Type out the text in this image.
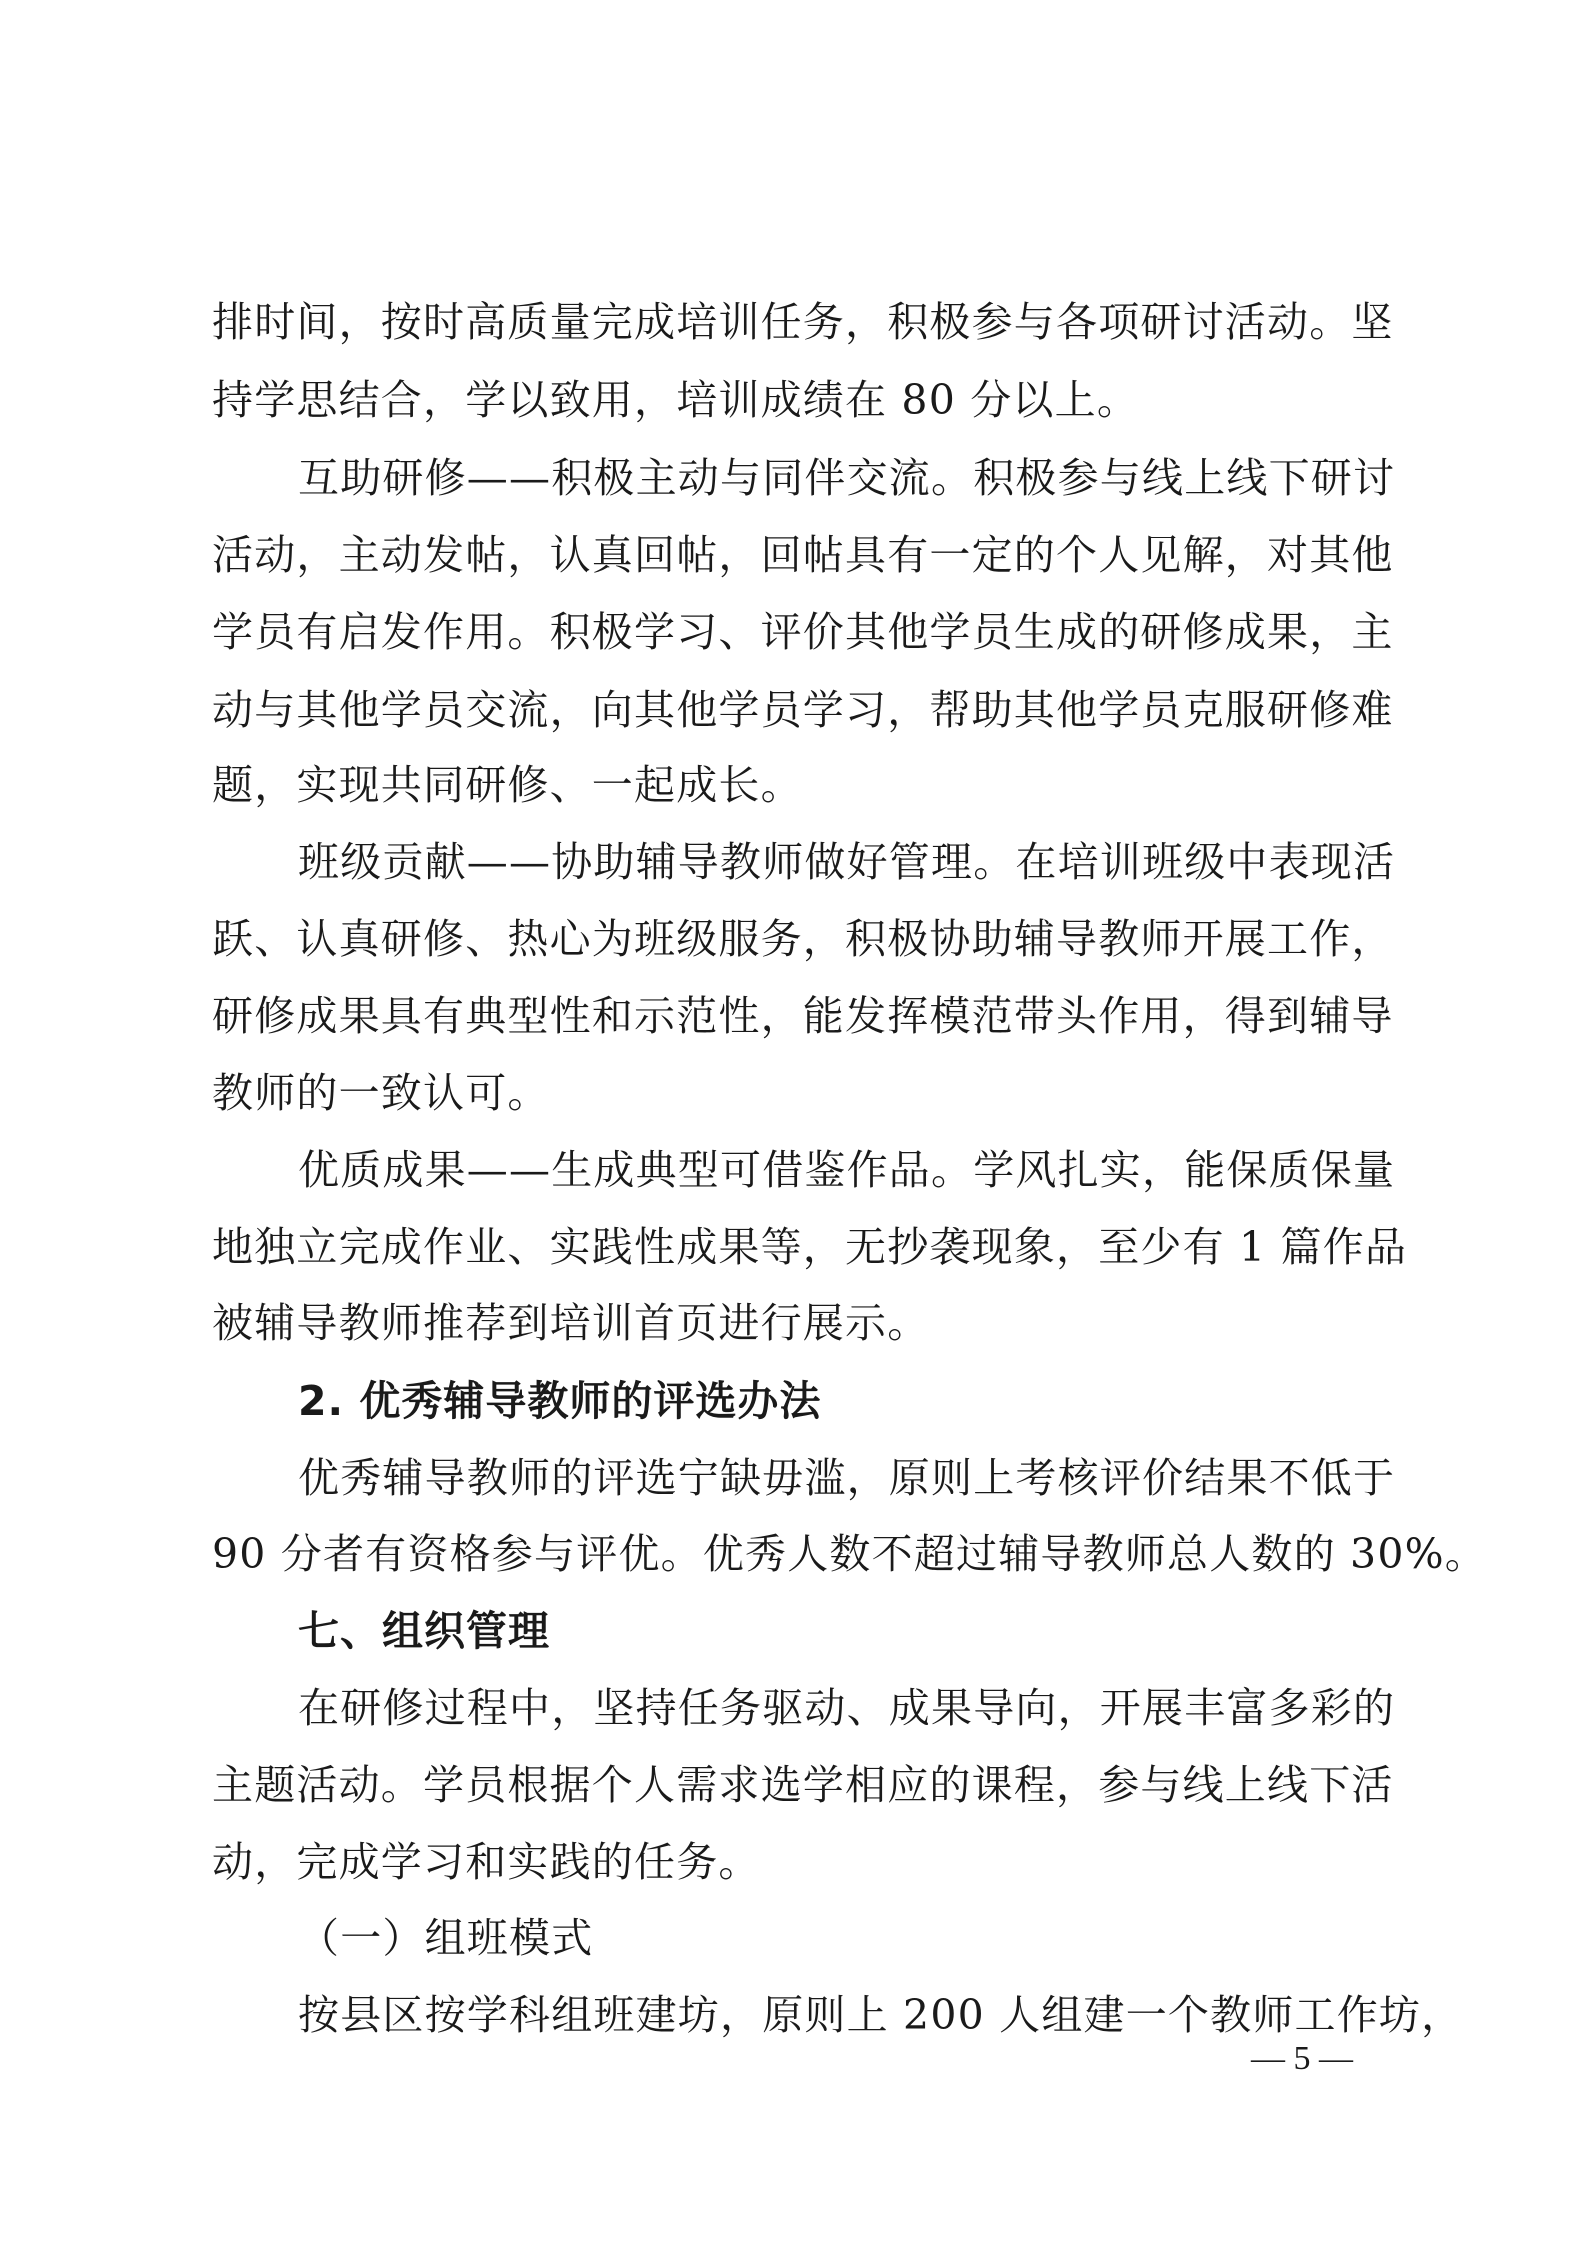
排时间，按时高质量完成培训任务，积极参与各项研讨活动。坚
持学思结合，学以致用，培训成绩在 80 分以上。
互助研修——积极主动与同伴交流。积极参与线上线下研讨
活动，主动发帖，认真回帖，回帖具有一定的个人见解，对其他
学员有启发作用。积极学习、评价其他学员生成的研修成果，主
动与其他学员交流，向其他学员学习，帮助其他学员克服研修难
题，实现共同研修、一起成长。
班级贡献——协助辅导教师做好管理。在培训班级中表现活
跃、认真研修、热心为班级服务，积极协助辅导教师开展工作，
研修成果具有典型性和示范性，能发挥模范带头作用，得到辅导
教师的一致认可。
优质成果——生成典型可借鉴作品。学风扎实，能保质保量
地独立完成作业、实践性成果等，无抄袭现象，至少有 1 篇作品
被辅导教师推荐到培训首页进行展示。
2. 优秀辅导教师的评选办法
优秀辅导教师的评选宁缺毋滥，原则上考核评价结果不低于
90 分者有资格参与评优。优秀人数不超过辅导教师总人数的 30%。
七、组织管理
在研修过程中，坚持任务驱动、成果导向，开展丰富多彩的
主题活动。学员根据个人需求选学相应的课程，参与线上线下活
动，完成学习和实践的任务。
（一）组班模式
按县区按学科组班建坊，原则上 200 人组建一个教师工作坊，
— 5 —
